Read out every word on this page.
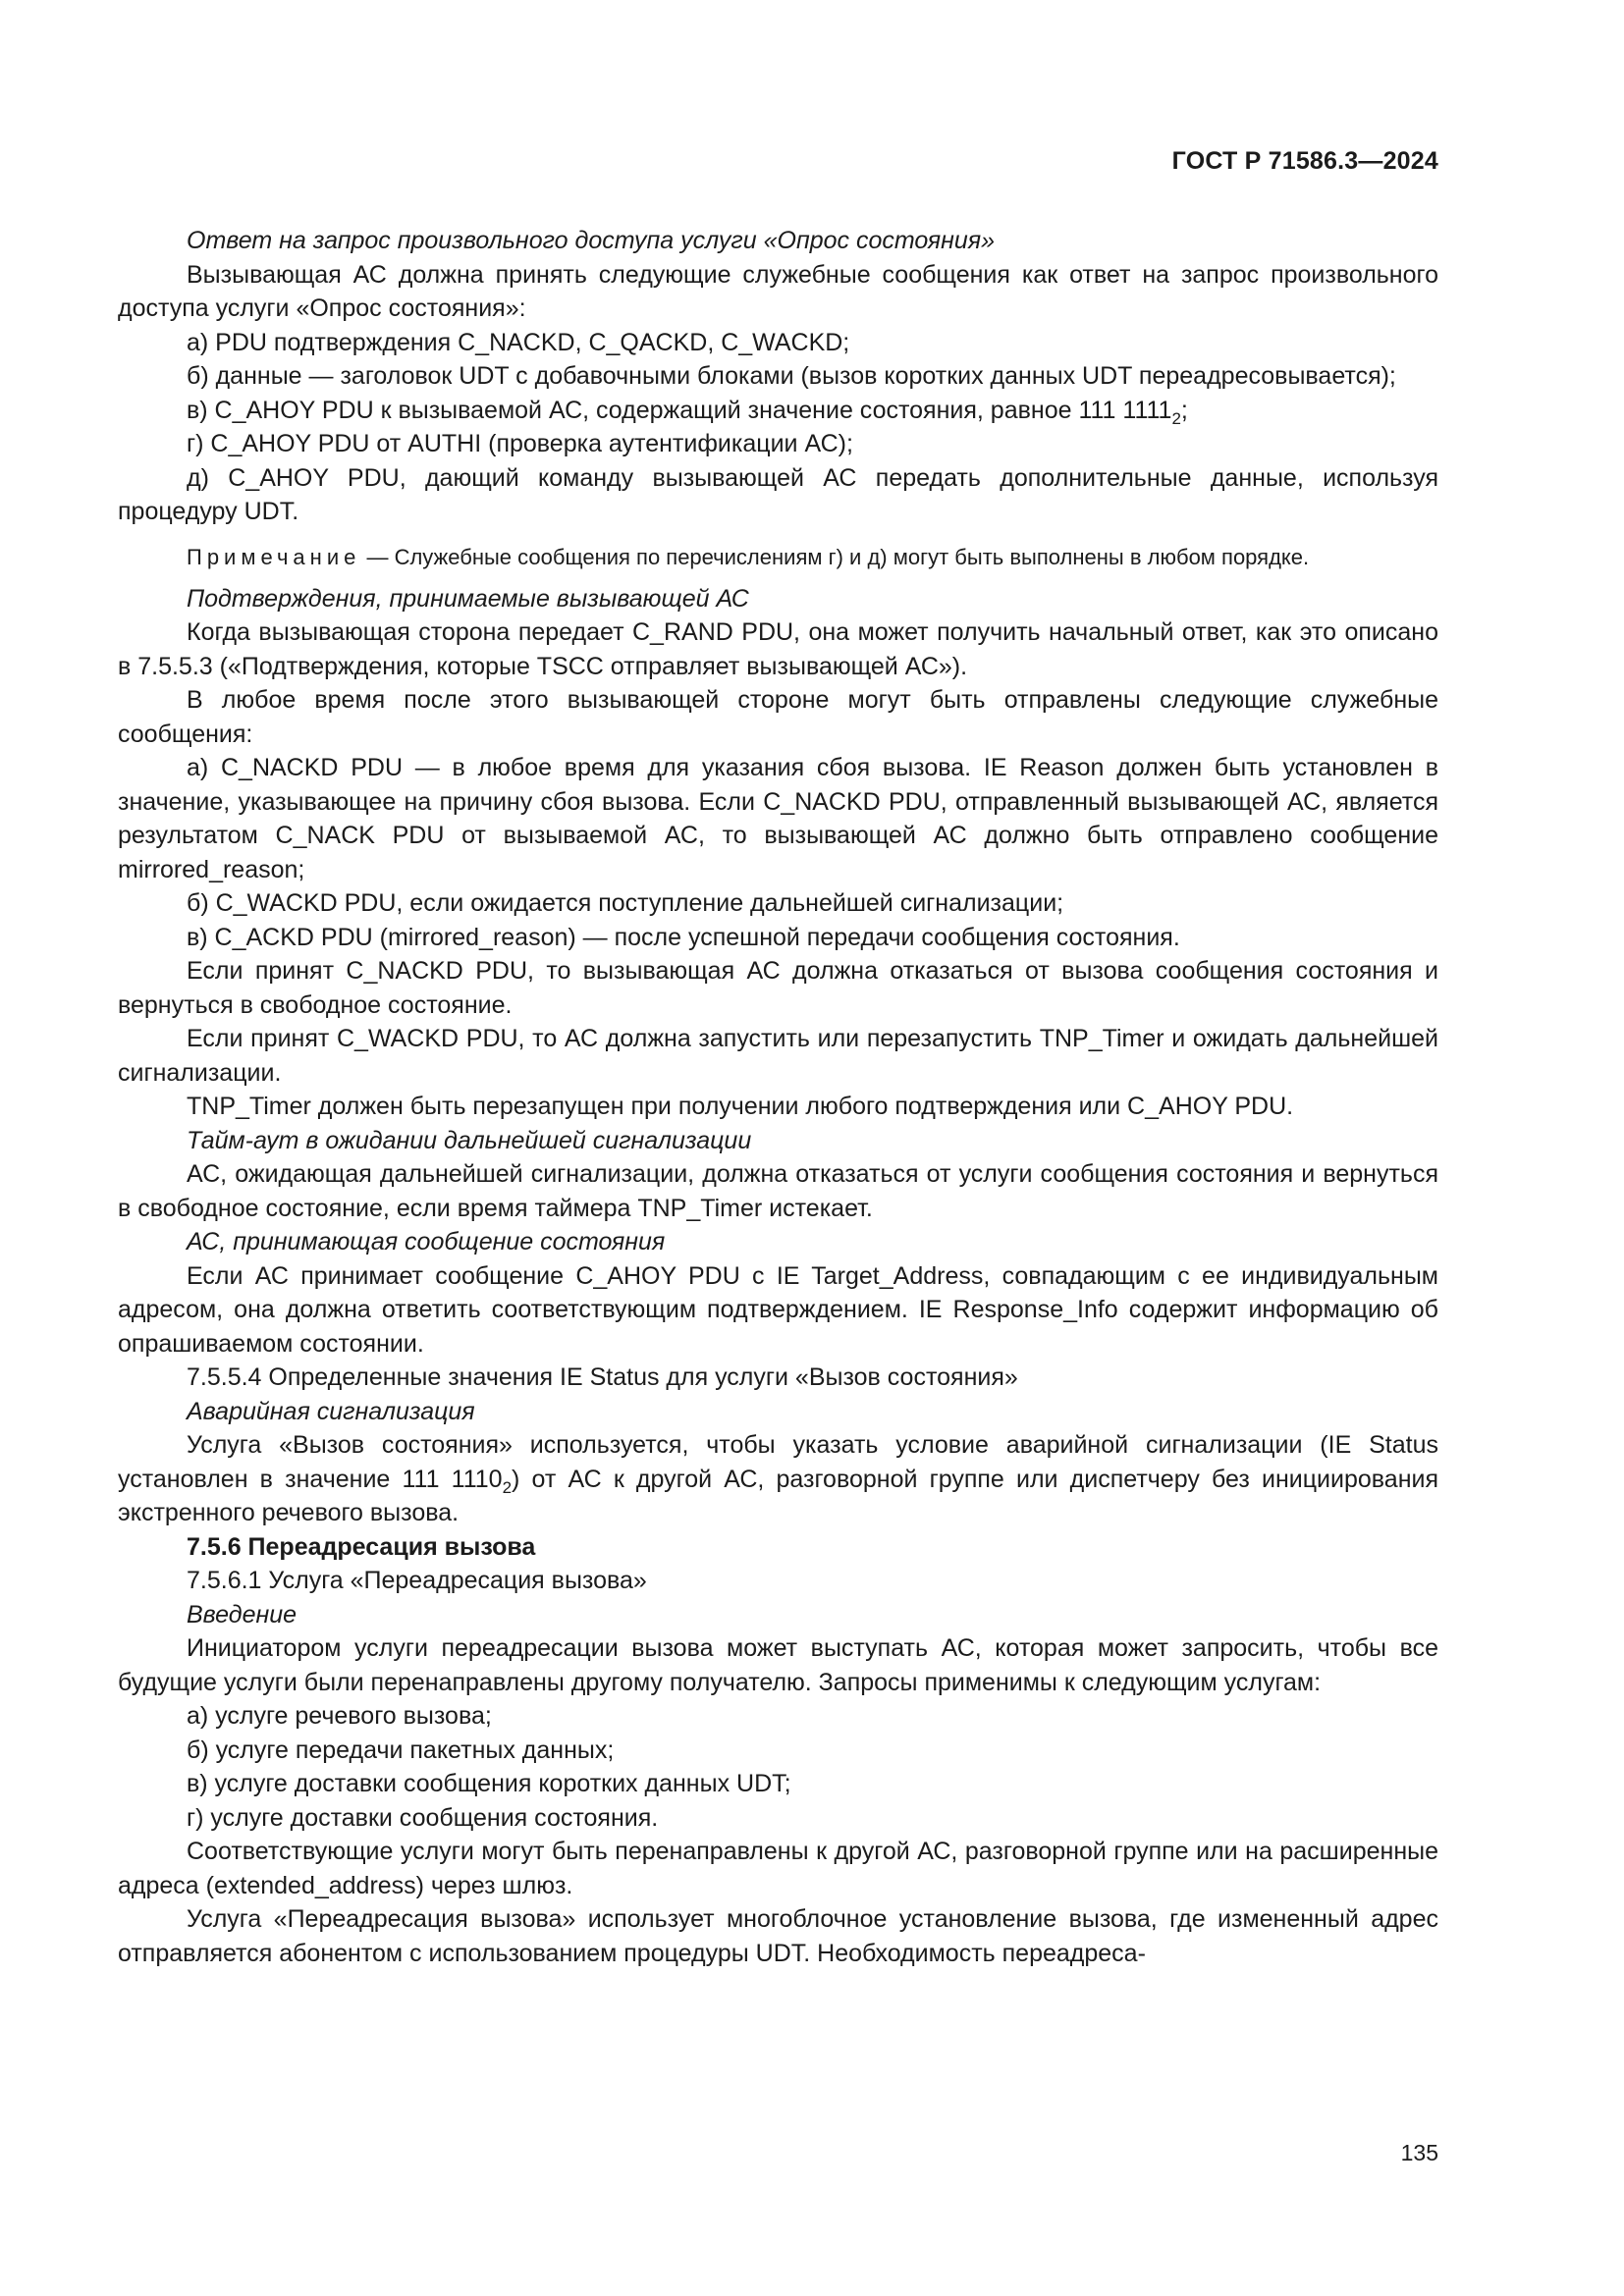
ГОСТ Р 71586.3—2024

Ответ на запрос произвольного доступа услуги «Опрос состояния»

Вызывающая АС должна принять следующие служебные сообщения как ответ на запрос произвольного доступа услуги «Опрос состояния»:

а) PDU подтверждения C_NACKD, C_QACKD, C_WACKD;

б) данные — заголовок UDT с добавочными блоками (вызов коротких данных UDT переадресовывается);

в) C_AHOY PDU к вызываемой АС, содержащий значение состояния, равное 111 $1111_2$;

г) C_AHOY PDU от AUTHI (проверка аутентификации АС);

д) C_AHOY PDU, дающий команду вызывающей АС передать дополнительные данные, используя процедуру UDT.

Примечание — Служебные сообщения по перечислениям г) и д) могут быть выполнены в любом порядке.

Подтверждения, принимаемые вызывающей АС

Когда вызывающая сторона передает C_RAND PDU, она может получить начальный ответ, как это описано в 7.5.5.3 («Подтверждения, которые TSCC отправляет вызывающей АС»).

В любое время после этого вызывающей стороне могут быть отправлены следующие служебные сообщения:

а) C_NACKD PDU — в любое время для указания сбоя вызова. IE Reason должен быть установлен в значение, указывающее на причину сбоя вызова. Если C_NACKD PDU, отправленный вызывающей АС, является результатом C_NACK PDU от вызываемой АС, то вызывающей АС должно быть отправлено сообщение mirrored_reason;

б) C_WACKD PDU, если ожидается поступление дальнейшей сигнализации;

в) C_ACKD PDU (mirrored_reason) — после успешной передачи сообщения состояния.

Если принят C_NACKD PDU, то вызывающая АС должна отказаться от вызова сообщения состояния и вернуться в свободное состояние.

Если принят C_WACKD PDU, то АС должна запустить или перезапустить TNP_Timer и ожидать дальнейшей сигнализации.

TNP_Timer должен быть перезапущен при получении любого подтверждения или C_AHOY PDU.

Тайм-аут в ожидании дальнейшей сигнализации

АС, ожидающая дальнейшей сигнализации, должна отказаться от услуги сообщения состояния и вернуться в свободное состояние, если время таймера TNP_Timer истекает.

АС, принимающая сообщение состояния

Если АС принимает сообщение C_AHOY PDU с IE Target_Address, совпадающим с ее индивидуальным адресом, она должна ответить соответствующим подтверждением. IE Response_Info содержит информацию об опрашиваемом состоянии.

7.5.5.4 Определенные значения IE Status для услуги «Вызов состояния»

Аварийная сигнализация

Услуга «Вызов состояния» используется, чтобы указать условие аварийной сигнализации (IE Status установлен в значение 111 $1110_2$) от АС к другой АС, разговорной группе или диспетчеру без инициирования экстренного речевого вызова.

7.5.6 Переадресация вызова

7.5.6.1 Услуга «Переадресация вызова»

Введение

Инициатором услуги переадресации вызова может выступать АС, которая может запросить, чтобы все будущие услуги были перенаправлены другому получателю. Запросы применимы к следующим услугам:

а) услуге речевого вызова;

б) услуге передачи пакетных данных;

в) услуге доставки сообщения коротких данных UDT;

г) услуге доставки сообщения состояния.

Соответствующие услуги могут быть перенаправлены к другой АС, разговорной группе или на расширенные адреса (extended_address) через шлюз.

Услуга «Переадресация вызова» использует многоблочное установление вызова, где измененный адрес отправляется абонентом с использованием процедуры UDT. Необходимость переадреса-

135
